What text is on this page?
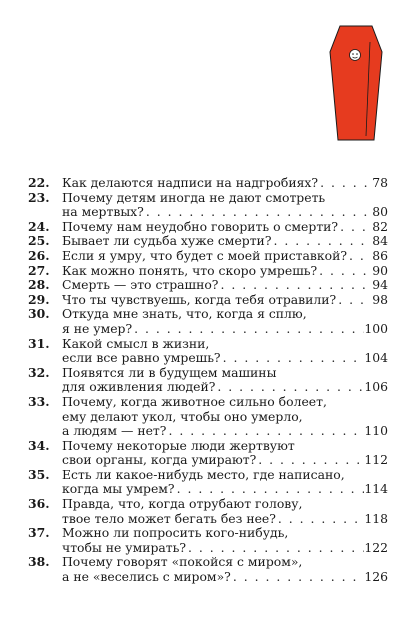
22.	Как делаются надписи на надгробиях? . . .	78
23.	Почему детям иногда не дают смотреть
на мертвых? . . .	80
24.	Почему нам неудобно говорить о смерти? . . .	82
25.	Бывает ли судьба хуже смерти? . . .	84
26.	Если я умру, что будет с моей приставкой? . . . 86
27.	Как можно понять, что скоро умрешь? . . .	90
28.	Смерть — это страшно? . . .	94
29.	Что ты чувствуешь, когда тебя отравили? . . .	98
30.	Откуда мне знать, что, когда я сплю,
я не умер? . . .	100
31.	Какой смысл в жизни,
если все равно умрешь? . . .	104
32.	Появятся ли в будущем машины
для оживления людей? . . .	106
33.	Почему, когда животное сильно болеет,
ему делают укол, чтобы оно умерло,
а людям — нет? . . .	110
34.	Почему некоторые люди жертвуют
свои органы, когда умирают? . . .	112
35.	Есть ли какое-нибудь место, где написано,
когда мы умрем? . . .	114
36.	Правда, что, когда отрубают голову,
твое тело может бегать без нее? . . .	118
37.	Можно ли попросить кого-нибудь,
чтобы не умирать? . . .	122
38.	Почему говорят «покойся с миром»,
а не «веселись с миром»? . . .	126
